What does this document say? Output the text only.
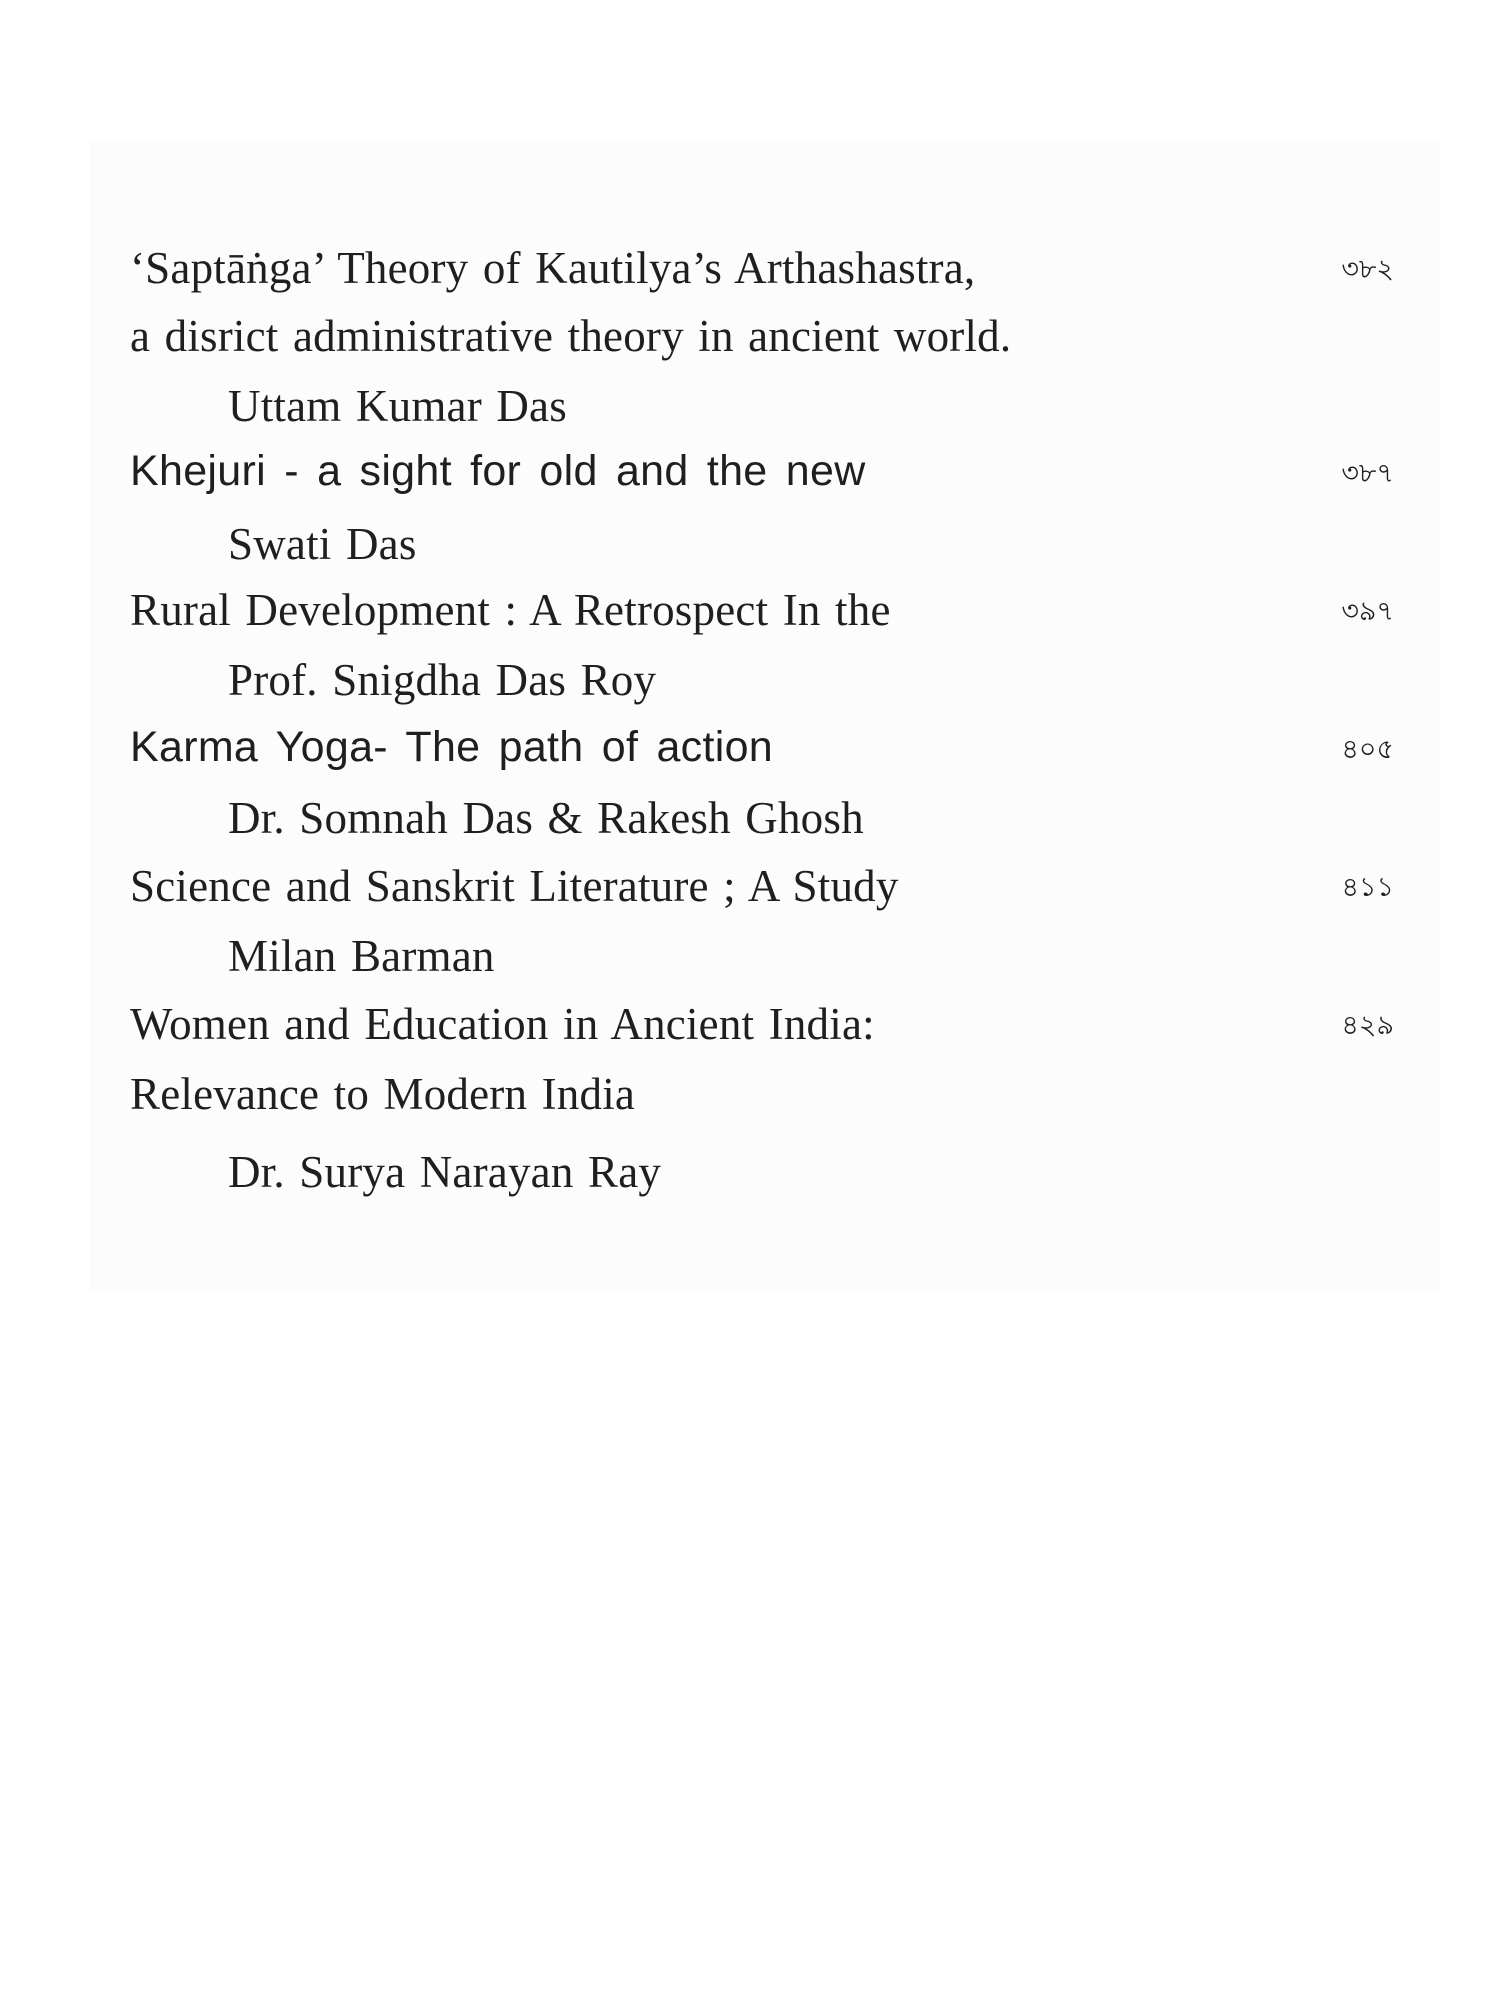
‘Saptāṅga’ Theory of Kautilya’s Arthashastra,	৩৮২
a disrict administrative theory in ancient world.
Uttam Kumar Das
Khejuri - a sight for old and the new	৩৮৭
Swati Das
Rural Development : A Retrospect In the	৩৯৭
Prof. Snigdha Das Roy
Karma Yoga- The path of action	৪০৫
Dr. Somnah Das & Rakesh Ghosh
Science and Sanskrit Literature ; A Study	৪১১
Milan Barman
Women and Education in Ancient India:	৪২৯
Relevance to Modern India
Dr. Surya Narayan Ray
